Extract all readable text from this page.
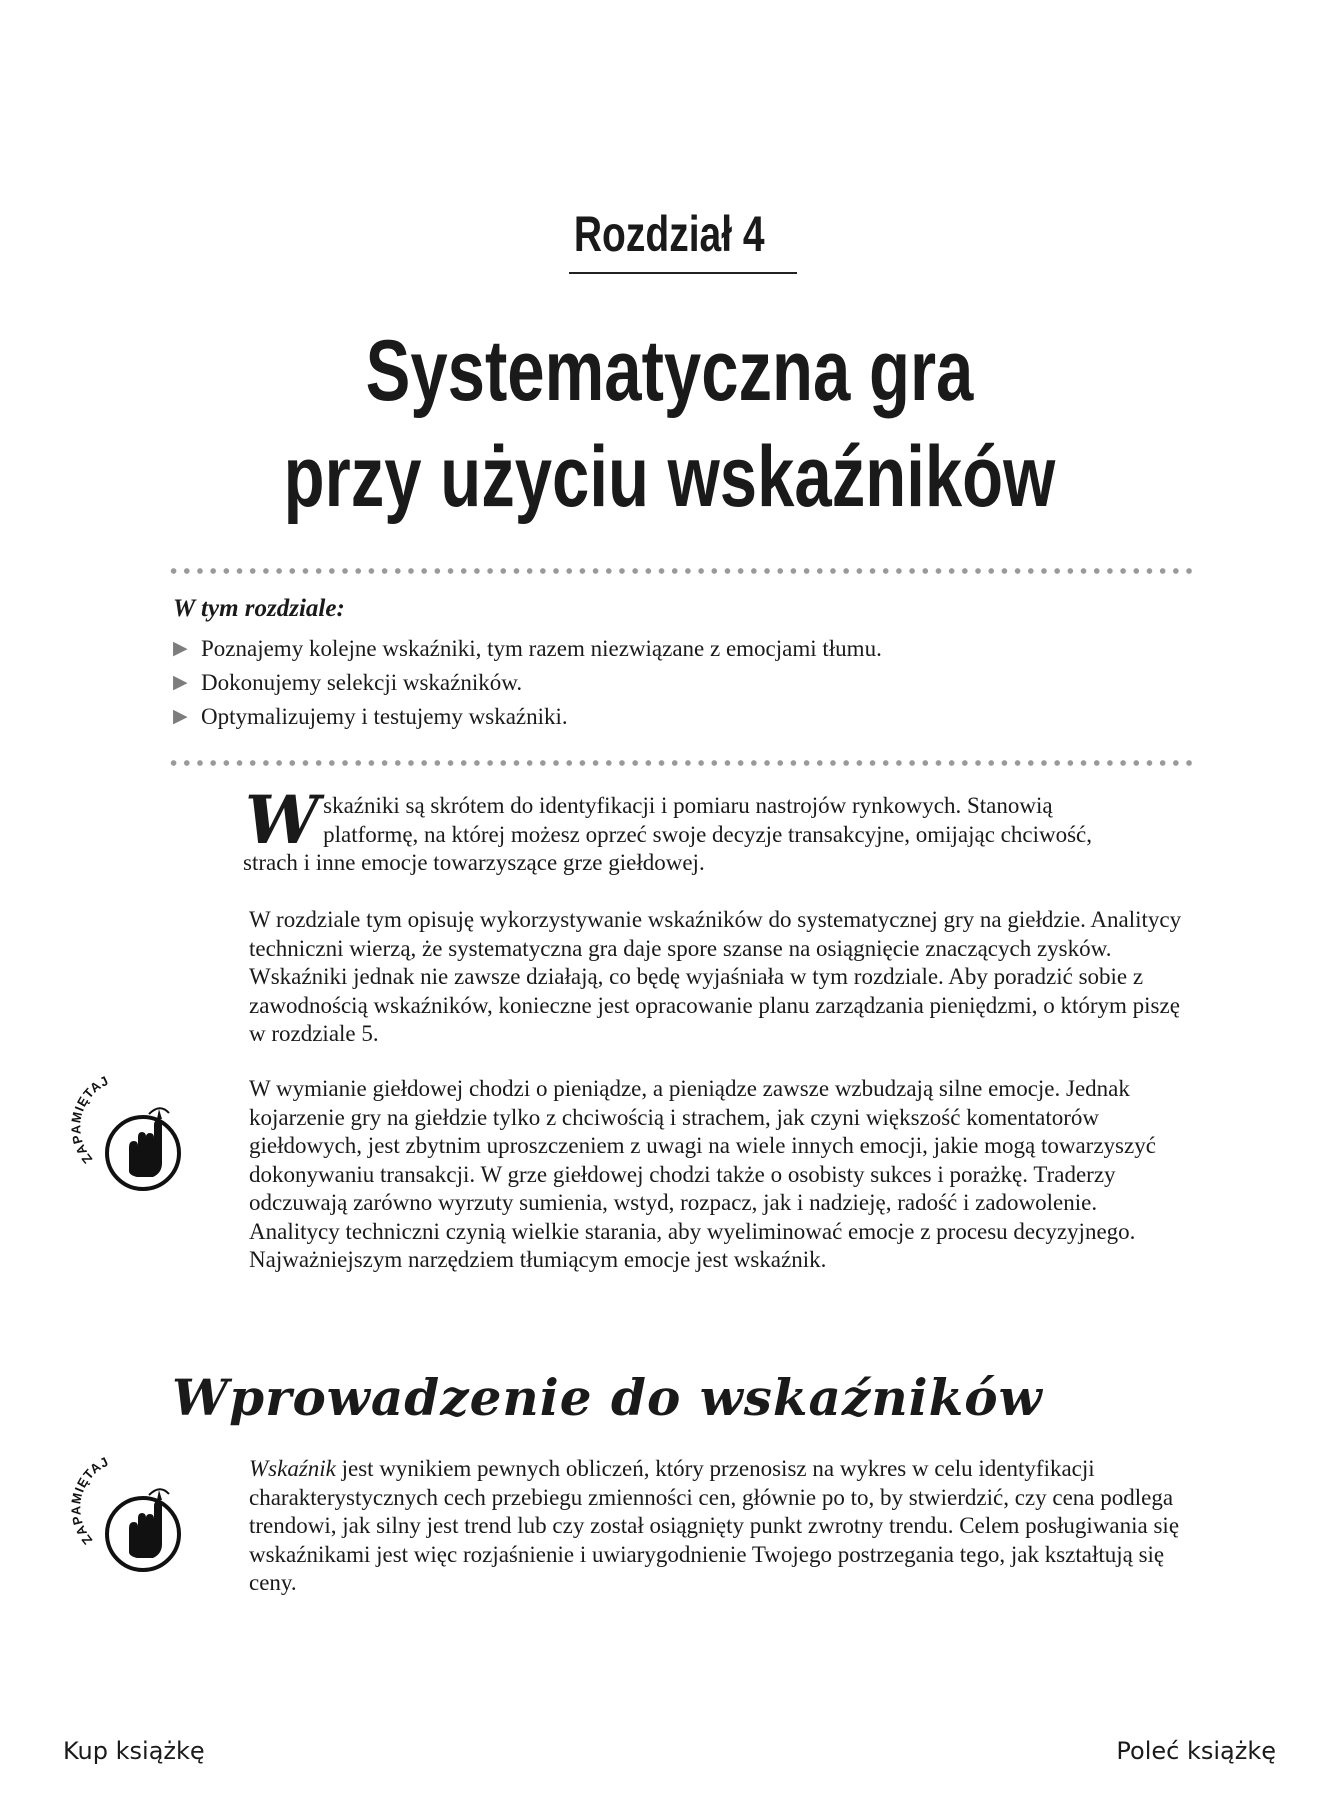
Rozdział 4
Systematyczna gra
przy użyciu wskaźników
W tym rozdziale:
▶ Poznajemy kolejne wskaźniki, tym razem niezwiązane z emocjami tłumu.
▶ Dokonujemy selekcji wskaźników.
▶ Optymalizujemy i testujemy wskaźniki.
W skaźniki są skrótem do identyfikacji i pomiaru nastrojów rynkowych. Stanowią
platformę, na której możesz oprzeć swoje decyzje transakcyjne, omijając chciwość,
strach i inne emocje towarzyszące grze giełdowej.

W rozdziale tym opisuję wykorzystywanie wskaźników do systematycznej gry na giełdzie. Analitycy techniczni wierzą, że systematyczna gra daje spore szanse na osiągnięcie znaczących zysków. Wskaźniki jednak nie zawsze działają, co będę wyjaśniała w tym rozdziale. Aby poradzić sobie z zawodnością wskaźników, konieczne jest opracowanie planu zarządzania pieniędzmi, o którym piszę w rozdziale 5.

ZAPAMIĘTAJ	W wymianie giełdowej chodzi o pieniądze, a pieniądze zawsze wzbudzają silne emocje. Jednak kojarzenie gry na giełdzie tylko z chciwością i strachem, jak czyni większość komentatorów giełdowych, jest zbytnim uproszczeniem z uwagi na wiele innych emocji, jakie mogą towarzyszyć dokonywaniu transakcji. W grze giełdowej chodzi także o osobisty sukces i porażkę. Traderzy odczuwają zarówno wyrzuty sumienia, wstyd, rozpacz, jak i nadzieję, radość i zadowolenie. Analitycy techniczni czynią wielkie starania, aby wyeliminować emocje z procesu decyzyjnego. Najważniejszym narzędziem tłumiącym emocje jest wskaźnik.

Wprowadzenie do wskaźników
ZAPAMIĘTAJ	Wskaźnik jest wynikiem pewnych obliczeń, który przenosisz na wykres w celu identyfikacji charakterystycznych cech przebiegu zmienności cen, głównie po to, by stwierdzić, czy cena podlega trendowi, jak silny jest trend lub czy został osiągnięty punkt zwrotny trendu. Celem posługiwania się wskaźnikami jest więc rozjaśnienie i uwiarygodnienie Twojego postrzegania tego, jak kształtują się ceny.

Kup książkę	Poleć książkę
